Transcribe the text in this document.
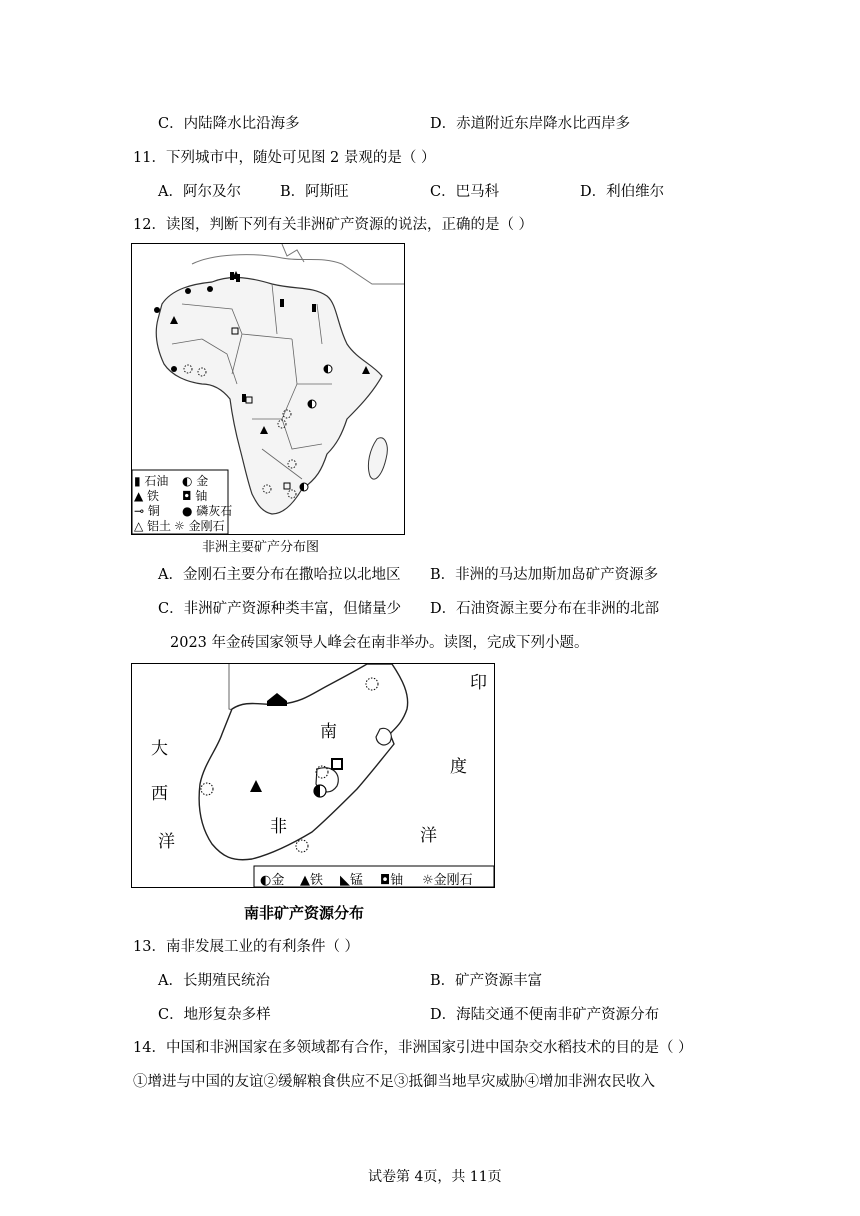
C．内陆降水比沿海多	D．赤道附近东岸降水比西岸多
11．下列城市中，随处可见图 2 景观的是（ ）
A．阿尔及尔	B．阿斯旺	C．巴马科	D．利伯维尔
12．读图，判断下列有关非洲矿产资源的说法，正确的是（ ）
▮ 石油 ◐ 金
▲ 铁 ◘ 铀
⊸ 铜 ● 磷灰石
△ 铝土 ☼ 金刚石
非洲主要矿产分布图
A．金刚石主要分布在撒哈拉以北地区 B．非洲的马达加斯加岛矿产资源多
C．非洲矿产资源种类丰富，但储量少 D．石油资源主要分布在非洲的北部
2023 年金砖国家领导人峰会在南非举办。读图，完成下列小题。
大
西
洋
印
度
洋
南
非
◐金 ▲铁 ◣锰 ◘铀 ☼金刚石
南非矿产资源分布
13．南非发展工业的有利条件（ ）
A．长期殖民统治	B．矿产资源丰富
C．地形复杂多样	D．海陆交通不便南非矿产资源分布
14．中国和非洲国家在多领域都有合作，非洲国家引进中国杂交水稻技术的目的是（ ）
①增进与中国的友谊②缓解粮食供应不足③抵御当地旱灾威胁④增加非洲农民收入
试卷第 4页，共 11页
